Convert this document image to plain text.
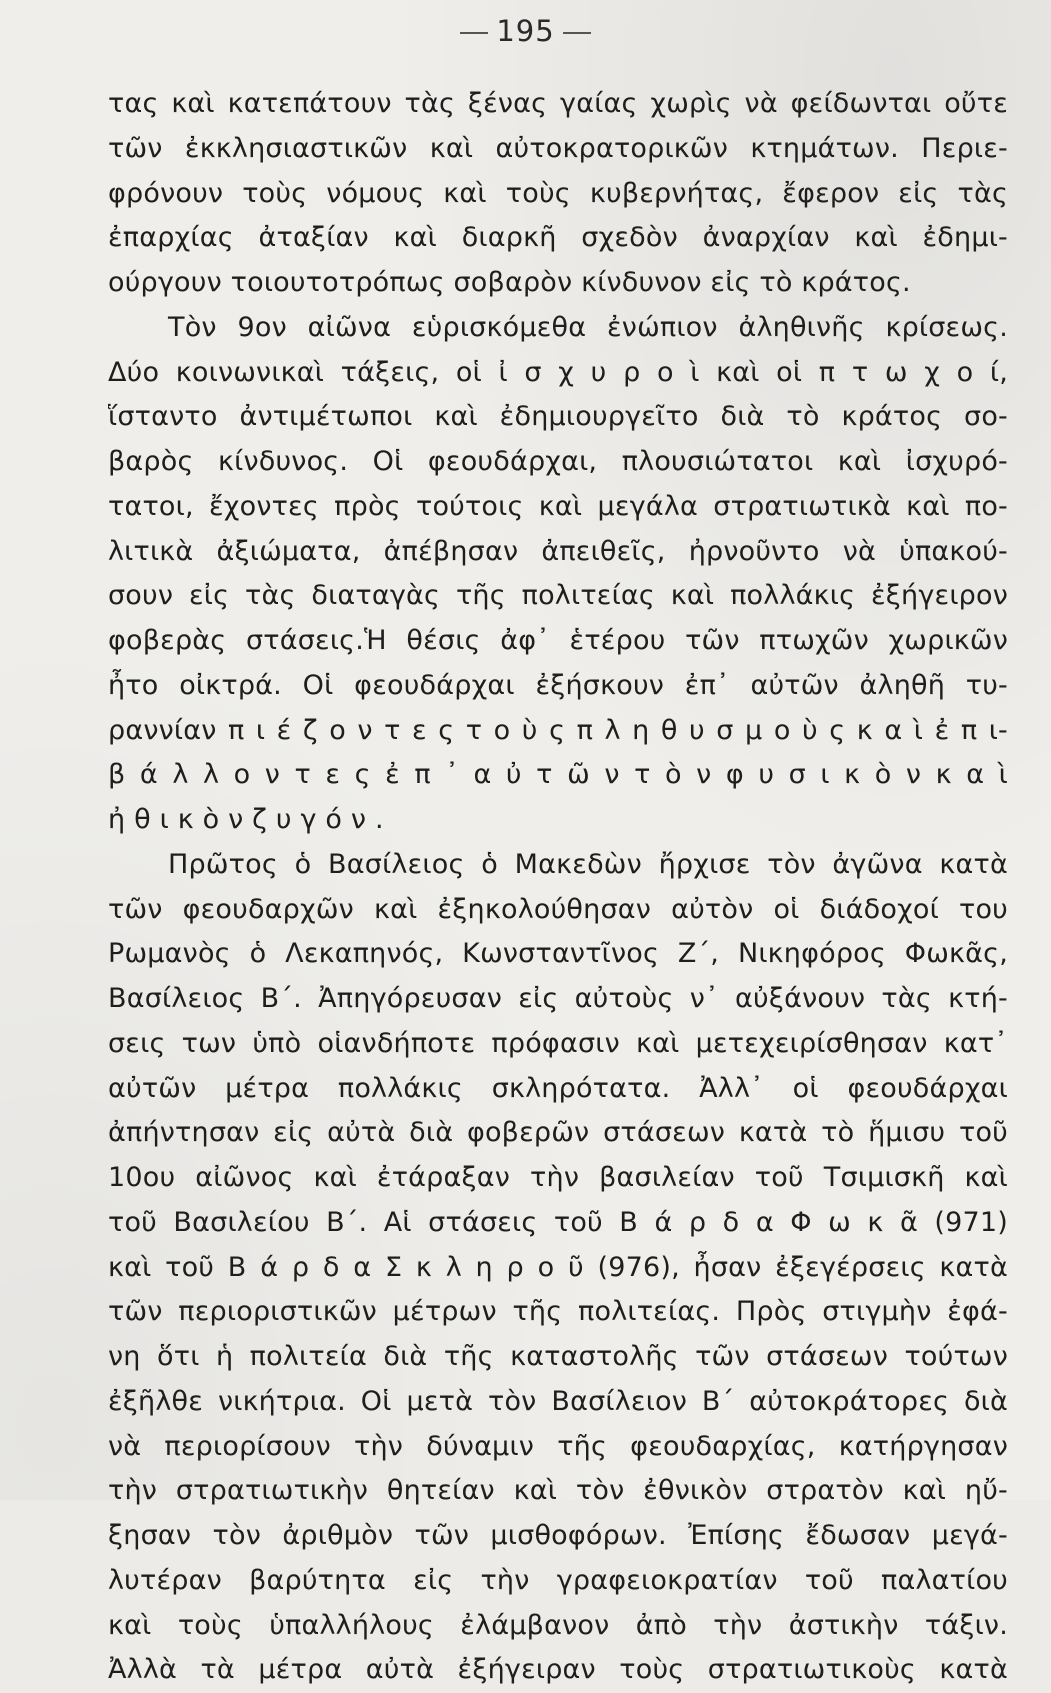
195
τας καὶ κατεπάτουν τὰς ξένας γαίας χωρὶς νὰ φείδωνται οὔτε
τῶν ἐκκλησιαστικῶν καὶ αὐτοκρατορικῶν κτημάτων. Περιε-
φρόνουν τοὺς νόμους καὶ τοὺς κυβερνήτας, ἔφερον εἰς τὰς
ἐπαρχίας ἀταξίαν καὶ διαρκῆ σχεδὸν ἀναρχίαν καὶ ἐδημι-
ούργουν τοιουτοτρόπως σοβαρὸν κίνδυνον εἰς τὸ κράτος.
Τὸν 9ον αἰῶνα εὑρισκόμεθα ἐνώπιον ἀληθινῆς κρίσεως.
Δύο κοινωνικαὶ τάξεις, οἱ ἰ σ χ υ ρ ο ὶ καὶ οἱ π τ ω χ ο ί,
ἵσταντο ἀντιμέτωποι καὶ ἐδημιουργεῖτο διὰ τὸ κράτος σο-
βαρὸς κίνδυνος. Οἱ φεουδάρχαι, πλουσιώτατοι καὶ ἰσχυρό-
τατοι, ἔχοντες πρὸς τούτοις καὶ μεγάλα στρατιωτικὰ καὶ πο-
λιτικὰ ἀξιώματα, ἀπέβησαν ἀπειθεῖς, ἠρνοῦντο νὰ ὑπακού-
σουν εἰς τὰς διαταγὰς τῆς πολιτείας καὶ πολλάκις ἐξήγειρον
φοβερὰς στάσεις.Ἡ θέσις ἀφ᾽ ἑτέρου τῶν πτωχῶν χωρικῶν
ἦτο οἰκτρά. Οἱ φεουδάρχαι ἐξήσκουν ἐπ᾽ αὐτῶν ἀληθῆ τυ-
ραννίαν π ι έ ζ ο ν τ ε ς τ ο ὺ ς π λ η θ υ σ μ ο ὺ ς κ α ὶ ἐ π ι-
β ά λ λ ο ν τ ε ς ἐ π ᾽ α ὐ τ ῶ ν τ ὸ ν φ υ σ ι κ ὸ ν κ α ὶ
ἠ θ ι κ ὸ ν ζ υ γ ό ν .
Πρῶτος ὁ Βασίλειος ὁ Μακεδὼν ἤρχισε τὸν ἀγῶνα κατὰ
τῶν φεουδαρχῶν καὶ ἐξηκολούθησαν αὐτὸν οἱ διάδοχοί του
Ρωμανὸς ὁ Λεκαπηνός, Κωνσταντῖνος Ζ΄, Νικηφόρος Φωκᾶς,
Βασίλειος Β΄. Ἀπηγόρευσαν εἰς αὐτοὺς ν᾽ αὐξάνουν τὰς κτή-
σεις των ὑπὸ οἱανδήποτε πρόφασιν καὶ μετεχειρίσθησαν κατ᾽
αὐτῶν μέτρα πολλάκις σκληρότατα. Ἀλλ᾽ οἱ φεουδάρχαι
ἀπήντησαν εἰς αὐτὰ διὰ φοβερῶν στάσεων κατὰ τὸ ἥμισυ τοῦ
10ου αἰῶνος καὶ ἐτάραξαν τὴν βασιλείαν τοῦ Τσιμισκῆ καὶ
τοῦ Βασιλείου Β΄. Αἱ στάσεις τοῦ Β ά ρ δ α Φ ω κ ᾶ (971)
καὶ τοῦ Β ά ρ δ α Σ κ λ η ρ ο ῦ (976), ἦσαν ἐξεγέρσεις κατὰ
τῶν περιοριστικῶν μέτρων τῆς πολιτείας. Πρὸς στιγμὴν ἐφά-
νη ὅτι ἡ πολιτεία διὰ τῆς καταστολῆς τῶν στάσεων τούτων
ἐξῆλθε νικήτρια. Οἱ μετὰ τὸν Βασίλειον Β΄ αὐτοκράτορες διὰ
νὰ περιορίσουν τὴν δύναμιν τῆς φεουδαρχίας, κατήργησαν
τὴν στρατιωτικὴν θητείαν καὶ τὸν ἐθνικὸν στρατὸν καὶ ηὔ-
ξησαν τὸν ἀριθμὸν τῶν μισθοφόρων. Ἐπίσης ἔδωσαν μεγά-
λυτέραν βαρύτητα εἰς τὴν γραφειοκρατίαν τοῦ παλατίου
καὶ τοὺς ὑπαλλήλους ἐλάμβανον ἀπὸ τὴν ἀστικὴν τάξιν.
Ἀλλὰ τὰ μέτρα αὐτὰ ἐξήγειραν τοὺς στρατιωτικοὺς κατὰ
